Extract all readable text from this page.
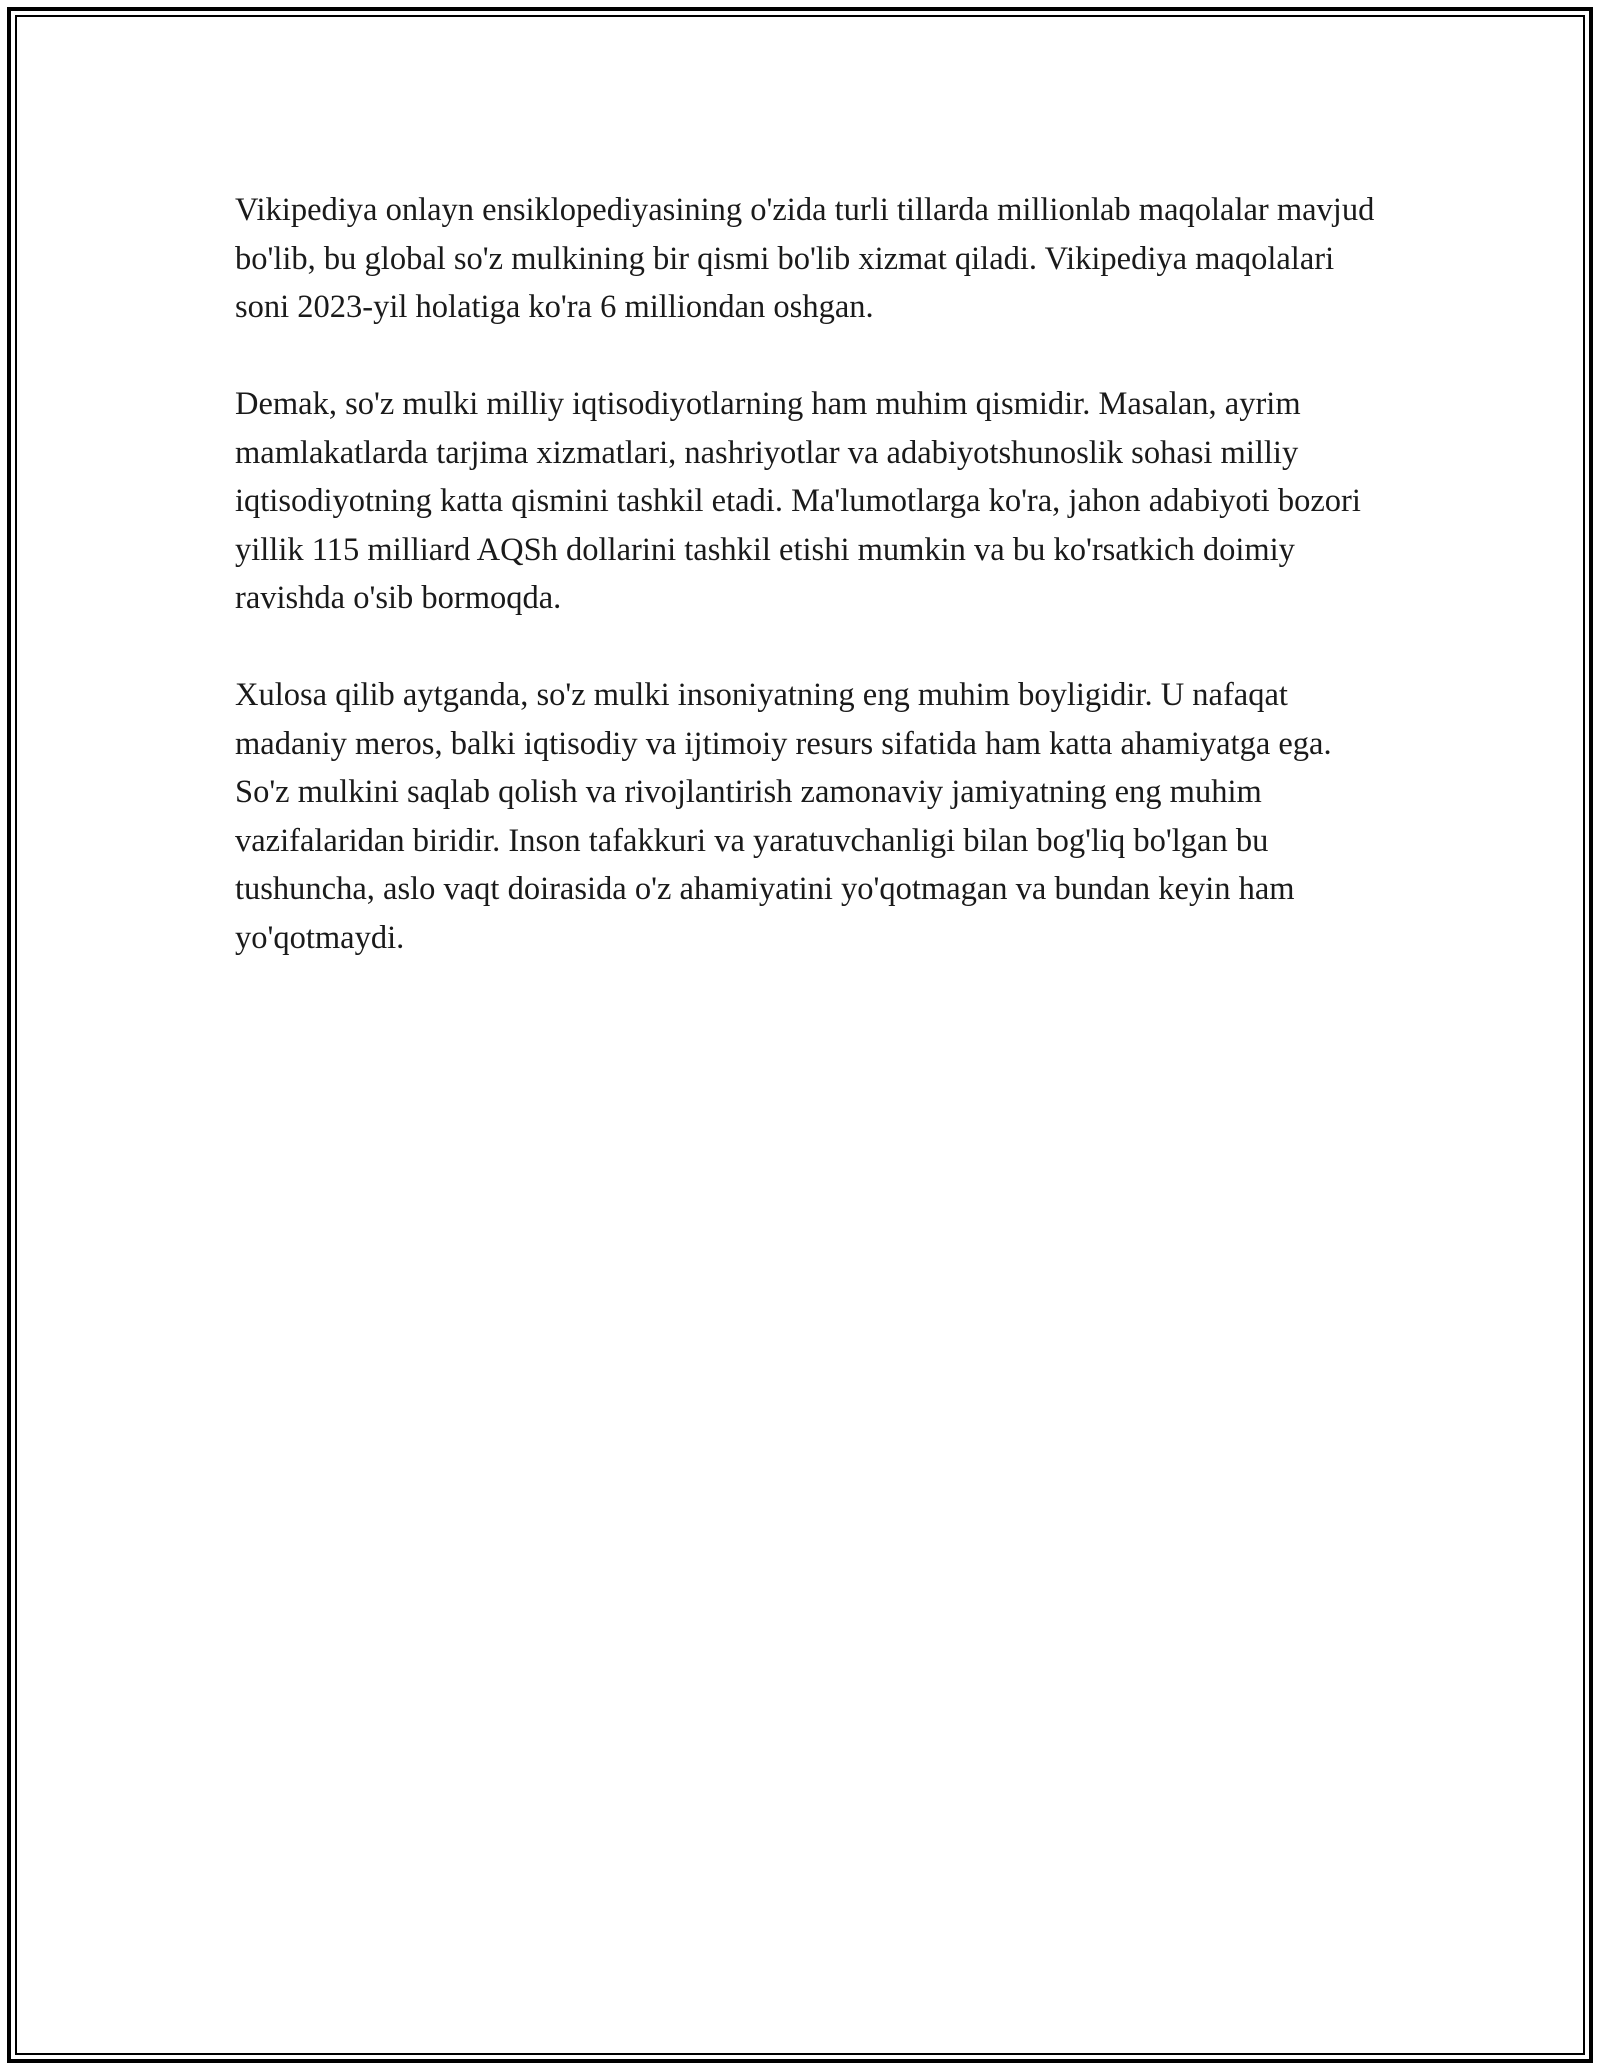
Vikipediya onlayn ensiklopediyasining o'zida turli tillarda millionlab maqolalar mavjud bo'lib, bu global so'z mulkining bir qismi bo'lib xizmat qiladi. Vikipediya maqolalari soni 2023-yil holatiga ko'ra 6 milliondan oshgan.

Demak, so'z mulki milliy iqtisodiyotlarning ham muhim qismidir. Masalan, ayrim mamlakatlarda tarjima xizmatlari, nashriyotlar va adabiyotshunoslik sohasi milliy iqtisodiyotning katta qismini tashkil etadi. Ma'lumotlarga ko'ra, jahon adabiyoti bozori yillik 115 milliard AQSh dollarini tashkil etishi mumkin va bu ko'rsatkich doimiy ravishda o'sib bormoqda.

Xulosa qilib aytganda, so'z mulki insoniyatning eng muhim boyligidir. U nafaqat madaniy meros, balki iqtisodiy va ijtimoiy resurs sifatida ham katta ahamiyatga ega. So'z mulkini saqlab qolish va rivojlantirish zamonaviy jamiyatning eng muhim vazifalaridan biridir. Inson tafakkuri va yaratuvchanligi bilan bog'liq bo'lgan bu tushuncha, aslo vaqt doirasida o'z ahamiyatini yo'qotmagan va bundan keyin ham yo'qotmaydi.
